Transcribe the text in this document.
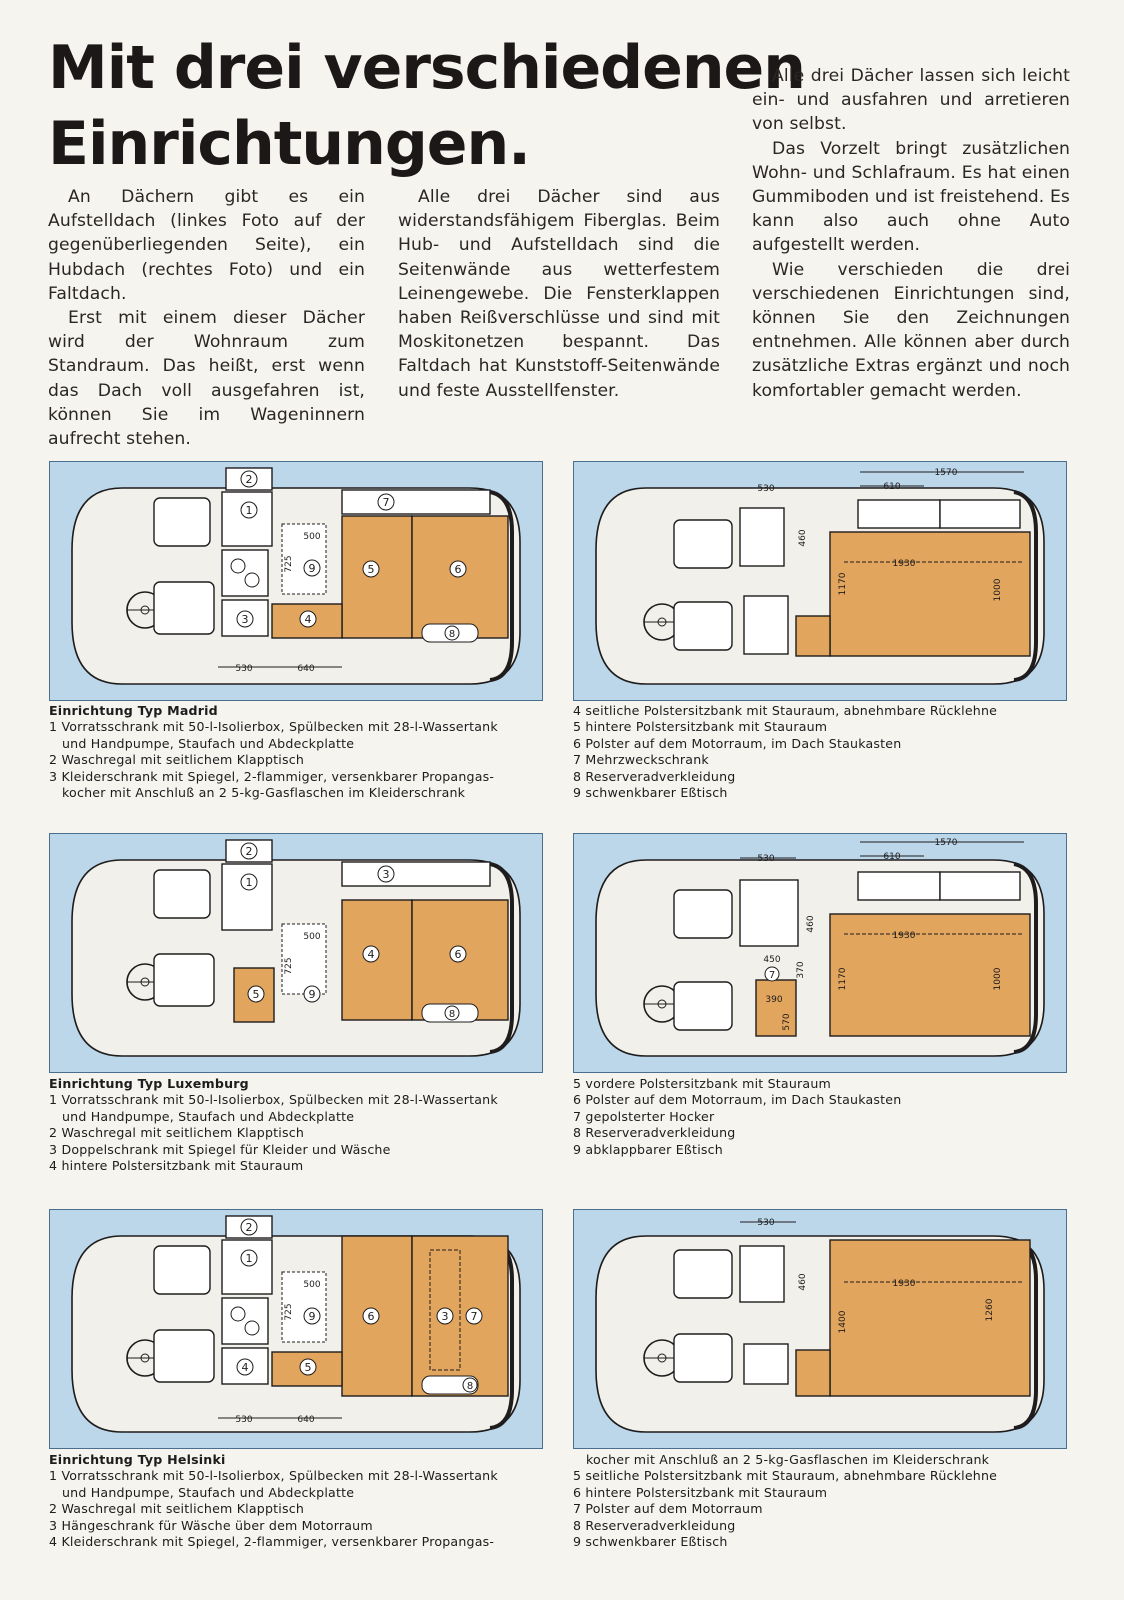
Mit drei verschiedenen
Einrichtungen.

An Dächern gibt es ein Aufstelldach (linkes Foto auf der gegenüberliegenden Seite), ein Hubdach (rechtes Foto) und ein Faltdach.

Erst mit einem dieser Dächer wird der Wohnraum zum Standraum. Das heißt, erst wenn das Dach voll ausgefahren ist, können Sie im Wageninnern aufrecht stehen.

Alle drei Dächer sind aus widerstandsfähigem Fiberglas. Beim Hub- und Aufstelldach sind die Seitenwände aus wetterfestem Leinengewebe. Die Fensterklappen haben Reißverschlüsse und sind mit Moskitonetzen bespannt. Das Faltdach hat Kunststoff-Seitenwände und feste Ausstellfenster.

Alle drei Dächer lassen sich leicht ein- und ausfahren und arretieren von selbst.

Das Vorzelt bringt zusätzlichen Wohn- und Schlafraum. Es hat einen Gummiboden und ist freistehend. Es kann also auch ohne Auto aufgestellt werden.

Wie verschieden die drei verschiedenen Einrichtungen sind, können Sie den Zeichnungen entnehmen. Alle können aber durch zusätzliche Extras ergänzt und noch komfortabler gemacht werden.

2
1
3
500
725 9	5	6
4
7
8
530	640
530
460
1570
610
1930
1170	1000
Einrichtung Typ Madrid
1 Vorratsschrank mit 50-l-Isolierbox, Spülbecken mit 28-l-Wassertank
und Handpumpe, Staufach und Abdeckplatte
2 Waschregal mit seitlichem Klapptisch
3 Kleiderschrank mit Spiegel, 2-flammiger, versenkbarer Propangas-
kocher mit Anschluß an 2 5-kg-Gasflaschen im Kleiderschrank
4 seitliche Polstersitzbank mit Stauraum, abnehmbare Rücklehne
5 hintere Polstersitzbank mit Stauraum
6 Polster auf dem Motorraum, im Dach Staukasten
7 Mehrzweckschrank
8 Reserveradverkleidung
9 schwenkbarer Eßtisch
2
1
3
500
725
5	9
4	6
8
530
1570
610
460
1930
450
7 370	1170	1000
390
570
Einrichtung Typ Luxemburg
1 Vorratsschrank mit 50-l-Isolierbox, Spülbecken mit 28-l-Wassertank
und Handpumpe, Staufach und Abdeckplatte
2 Waschregal mit seitlichem Klapptisch
3 Doppelschrank mit Spiegel für Kleider und Wäsche
4 hintere Polstersitzbank mit Stauraum
5 vordere Polstersitzbank mit Stauraum
6 Polster auf dem Motorraum, im Dach Staukasten
7 gepolsterter Hocker
8 Reserveradverkleidung
9 abklappbarer Eßtisch
2
1
500
725 9	6	3 7
4	5
8
530	640
530
460	1930
1400
1260
Einrichtung Typ Helsinki
1 Vorratsschrank mit 50-l-Isolierbox, Spülbecken mit 28-l-Wassertank
und Handpumpe, Staufach und Abdeckplatte
2 Waschregal mit seitlichem Klapptisch
3 Hängeschrank für Wäsche über dem Motorraum
4 Kleiderschrank mit Spiegel, 2-flammiger, versenkbarer Propangas-
kocher mit Anschluß an 2 5-kg-Gasflaschen im Kleiderschrank
5 seitliche Polstersitzbank mit Stauraum, abnehmbare Rücklehne
6 hintere Polstersitzbank mit Stauraum
7 Polster auf dem Motorraum
8 Reserveradverkleidung
9 schwenkbarer Eßtisch
